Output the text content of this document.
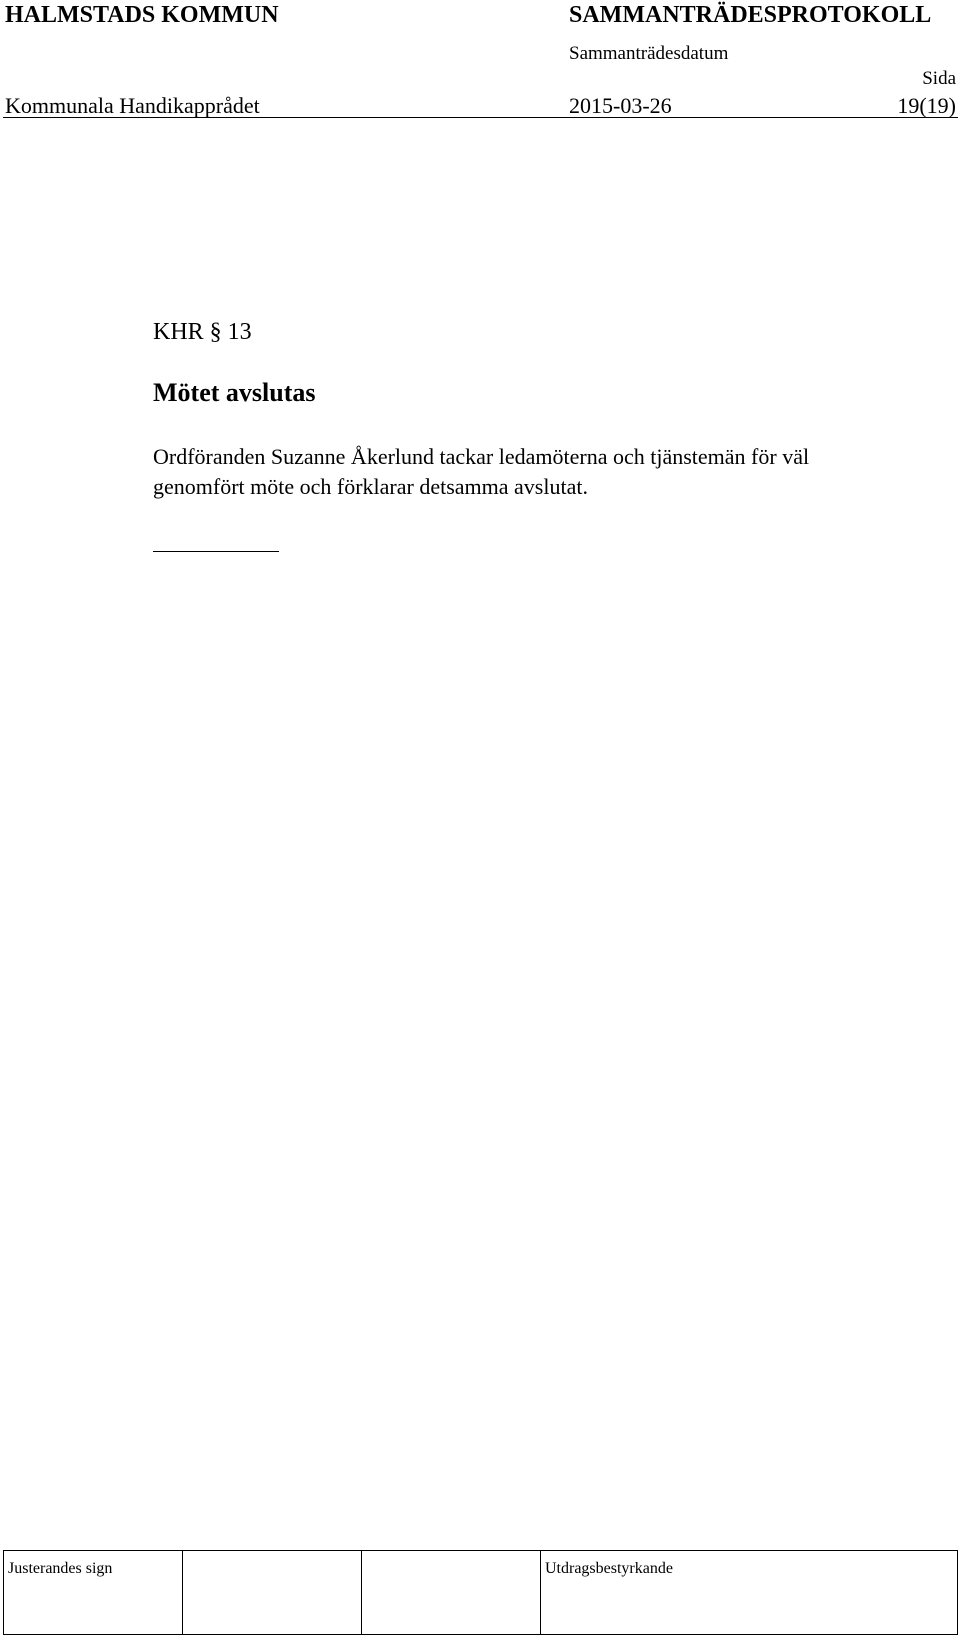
HALMSTADS KOMMUN	SAMMANTRÄDESPROTOKOLL
Sammanträdesdatum
Sida
Kommunala Handikapprådet	2015-03-26	19(19)
KHR § 13
Mötet avslutas

Ordföranden Suzanne Åkerlund tackar ledamöterna och tjänstemän för väl

genomfört möte och förklarar detsamma avslutat.

Justerandes sign	Utdragsbestyrkande
